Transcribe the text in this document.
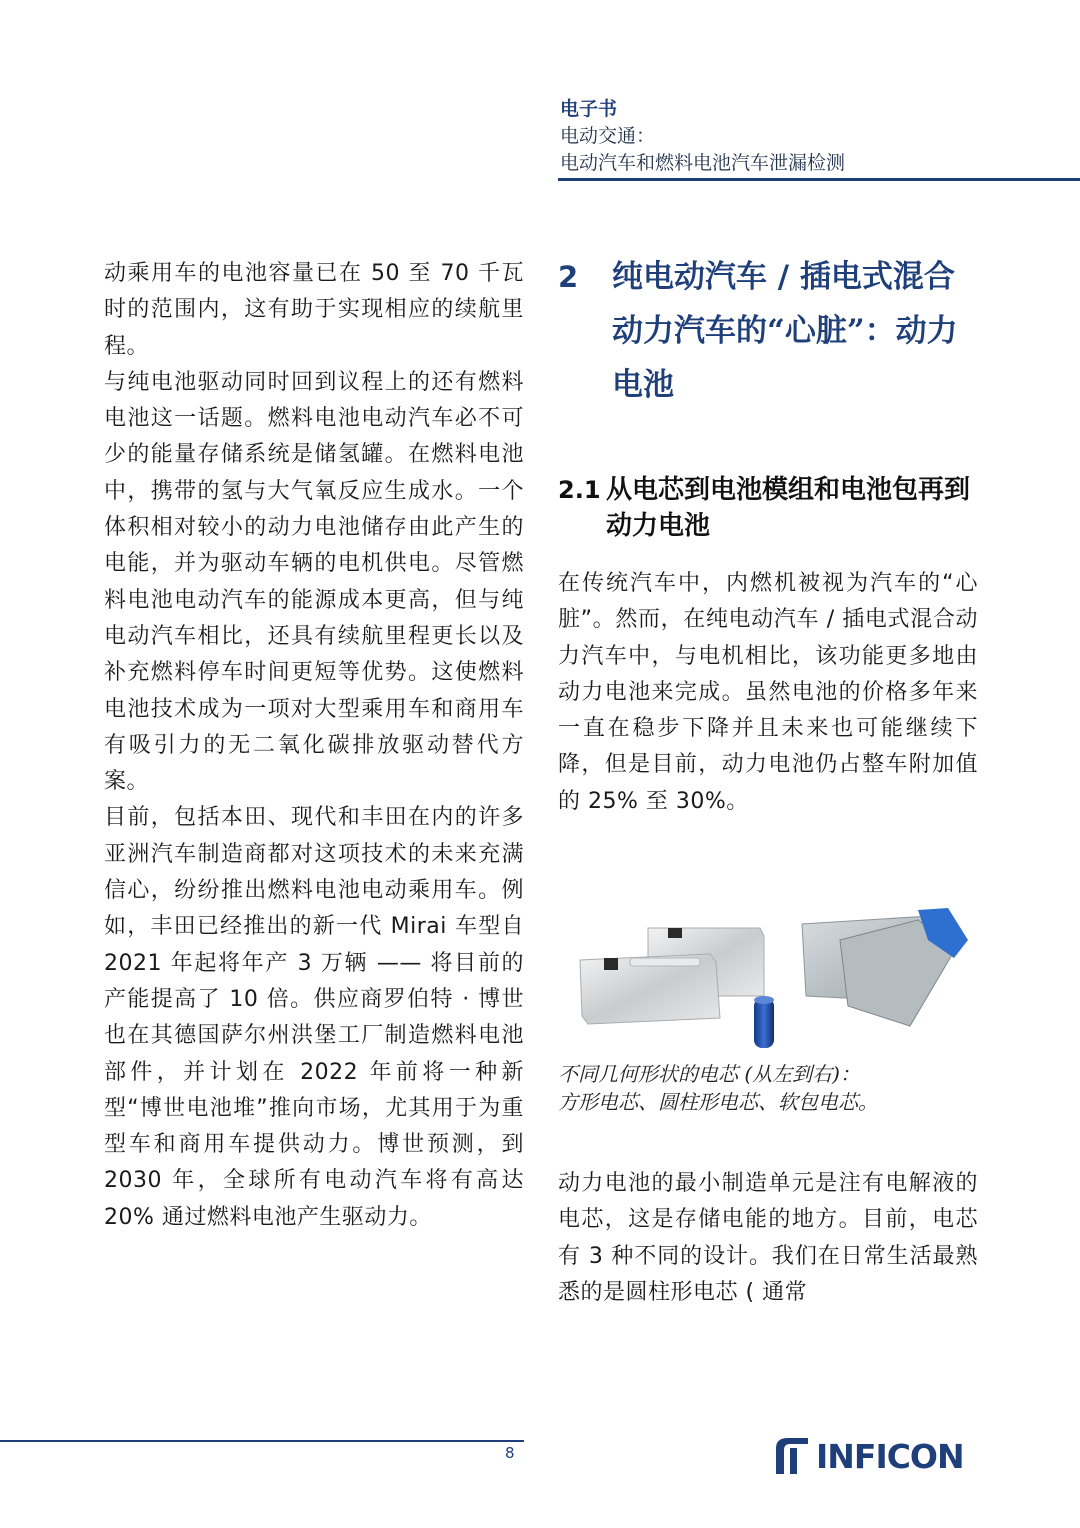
电子书
电动交通：
电动汽车和燃料电池汽车泄漏检测

动乘用车的电池容量已在 50 至 70 千瓦时的范围内，这有助于实现相应的续航里程。

与纯电池驱动同时回到议程上的还有燃料电池这一话题。燃料电池电动汽车必不可少的能量存储系统是储氢罐。在燃料电池中，携带的氢与大气氧反应生成水。一个体积相对较小的动力电池储存由此产生的电能，并为驱动车辆的电机供电。尽管燃料电池电动汽车的能源成本更高，但与纯电动汽车相比，还具有续航里程更长以及补充燃料停车时间更短等优势。这使燃料电池技术成为一项对大型乘用车和商用车有吸引力的无二氧化碳排放驱动替代方案。

目前，包括本田、现代和丰田在内的许多亚洲汽车制造商都对这项技术的未来充满信心，纷纷推出燃料电池电动乘用车。例如，丰田已经推出的新一代 Mirai 车型自 2021 年起将年产 3 万辆 —— 将目前的产能提高了 10 倍。供应商罗伯特 · 博世也在其德国萨尔州洪堡工厂制造燃料电池部件，并计划在 2022 年前将一种新型“博世电池堆”推向市场，尤其用于为重型车和商用车提供动力。博世预测，到 2030 年，全球所有电动汽车将有高达 20% 通过燃料电池产生驱动力。

2 纯电动汽车 / 插电式混合动力汽车的“心脏”：动力电池
2.1 从电芯到电池模组和电池包再到动力电池

在传统汽车中，内燃机被视为汽车的“心脏”。然而，在纯电动汽车 / 插电式混合动力汽车中，与电机相比，该功能更多地由动力电池来完成。虽然电池的价格多年来一直在稳步下降并且未来也可能继续下降，但是目前，动力电池仍占整车附加值的 25% 至 30%。

不同几何形状的电芯 (从左到右)：
方形电芯、圆柱形电芯、软包电芯。

动力电池的最小制造单元是注有电解液的电芯，这是存储电能的地方。目前，电芯有 3 种不同的设计。我们在日常生活最熟悉的是圆柱形电芯 ( 通常

8	INFICON
